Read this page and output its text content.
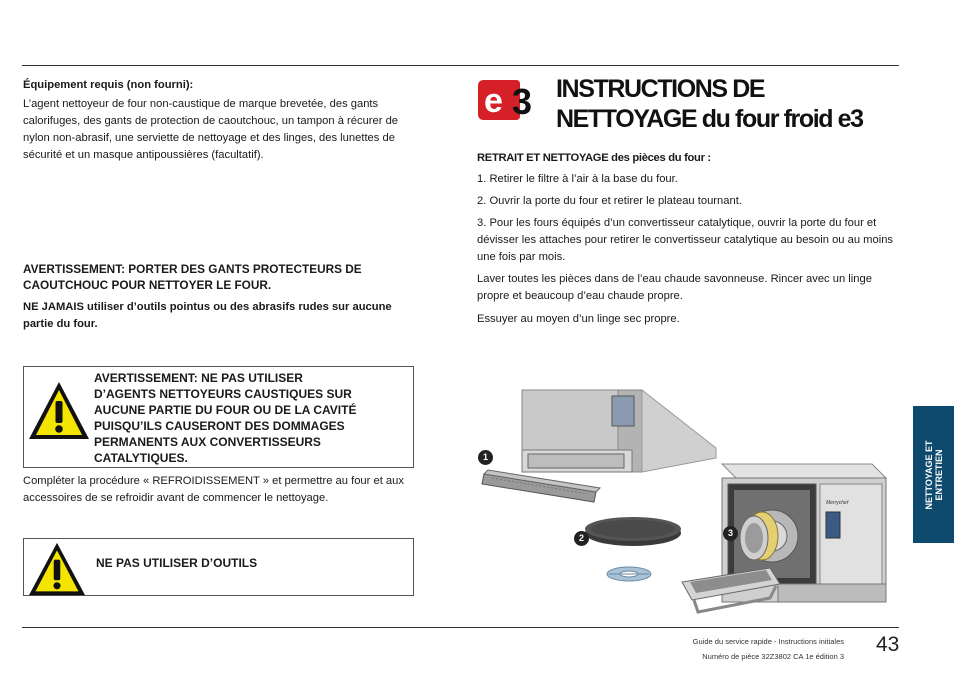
Équipement requis (non fourni):
L’agent nettoyeur de four non-caustique de marque brevetée, des gants calorifuges, des gants de protection de caoutchouc, un tampon à récurer de nylon non-abrasif, une serviette de nettoyage et des linges, des lunettes de sécurité et un masque antipoussières (facultatif).
AVERTISSEMENT: PORTER DES GANTS PROTECTEURS DE CAOUTCHOUC POUR NETTOYER LE FOUR.
NE JAMAIS utiliser d’outils pointus ou des abrasifs rudes sur aucune partie du four.
AVERTISSEMENT: NE PAS UTILISER
D’AGENTS NETTOYEURS CAUSTIQUES SUR
AUCUNE PARTIE DU FOUR OU DE LA CAVITÉ
PUISQU’ILS CAUSERONT DES DOMMAGES
PERMANENTS AUX CONVERTISSEURS
CATALYTIQUES.
Compléter la procédure « REFROIDISSEMENT » et permettre au four et aux accessoires de se refroidir avant de commencer le nettoyage.
NE PAS UTILISER D’OUTILS
e 3 INSTRUCTIONS DE NETTOYAGE du four froid e3
RETRAIT ET NETTOYAGE des pièces du four :
1. Retirer le filtre à l’air à la base du four.
2. Ouvrir la porte du four et retirer le plateau tournant.
3. Pour les fours équipés d’un convertisseur catalytique, ouvrir la porte du four et dévisser les attaches pour retirer le convertisseur catalytique au besoin ou au moins une fois par mois.
Laver toutes les pièces dans de l’eau chaude savonneuse. Rincer avec un linge propre et beaucoup d’eau chaude propre.
Essuyer au moyen d’un linge sec propre.
Merrychef
1
2	3
NETTOYAGE ET ENTRETIEN
Guide du service rapide - Instructions initiales
Numéro de pièce 32Z3802 CA 1e édition 3
43
